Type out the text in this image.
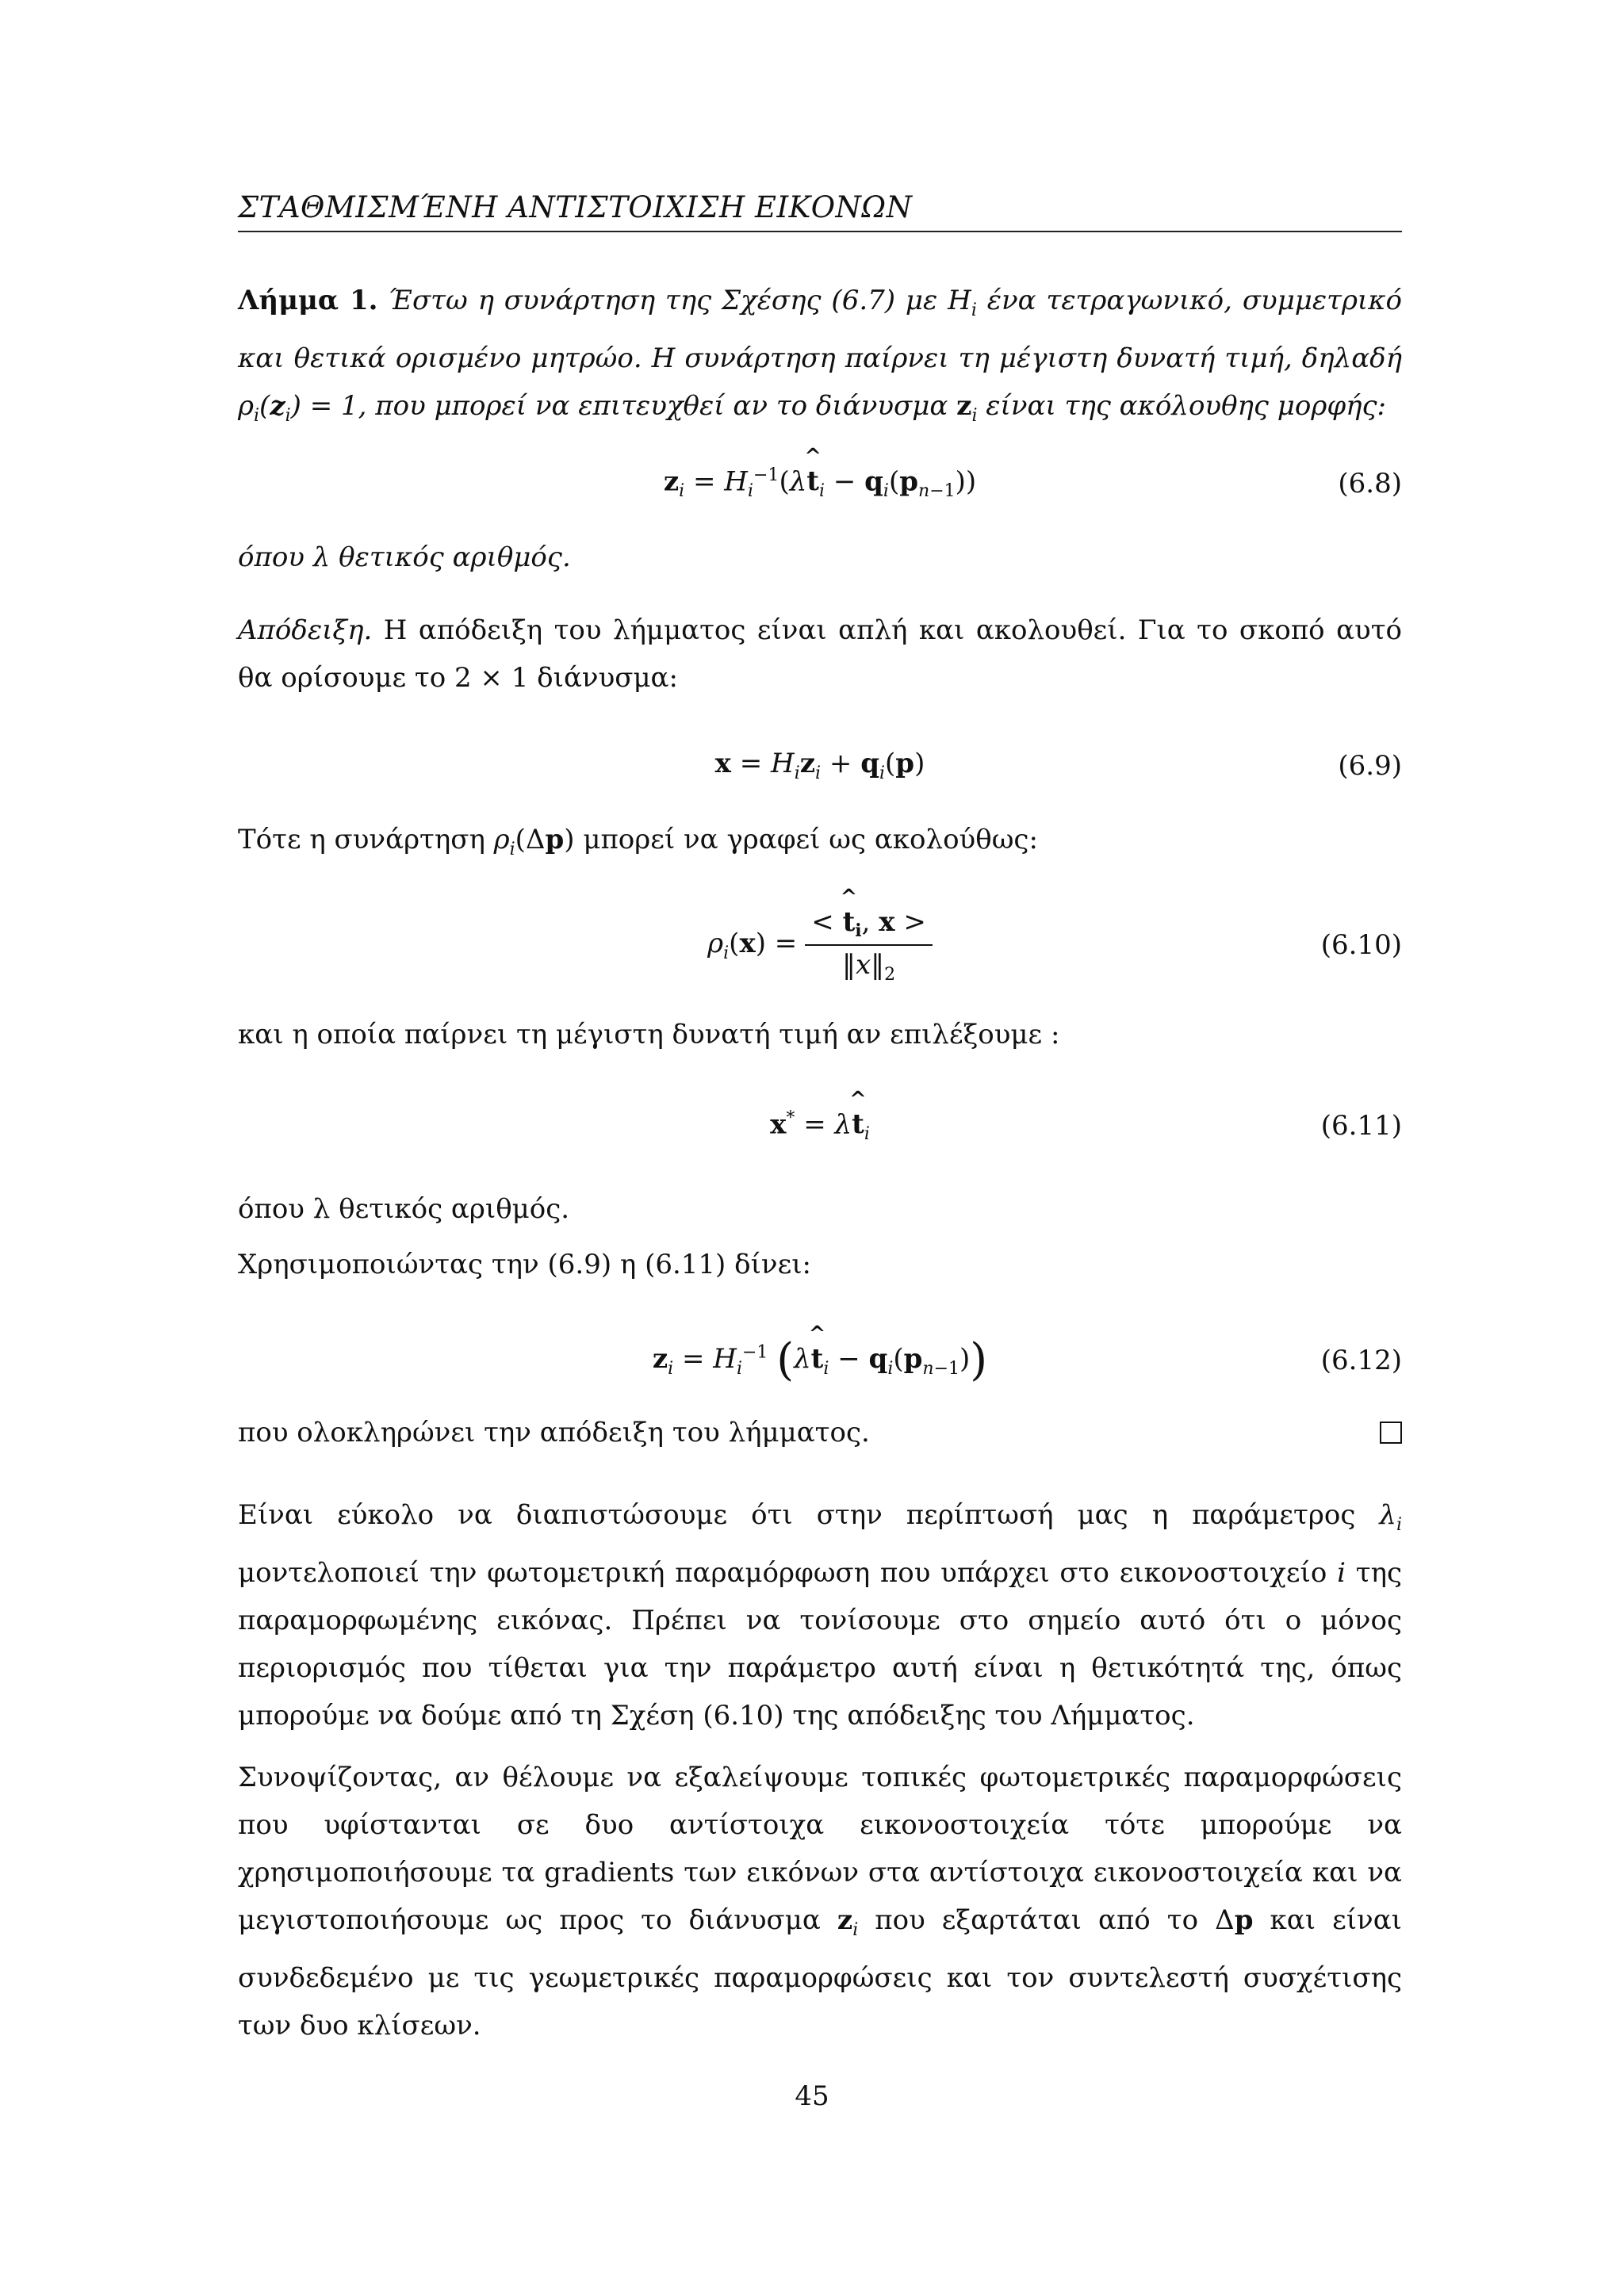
ΣΤΑΘΜΙΣΜΈΝΗ ΑΝΤΙΣΤΟΙΧΙΣΗ ΕΙΚΟΝΩΝ

Λήμμα 1. Έστω η συνάρτηση της Σχέσης (6.7) με $H_i$ ένα τετραγωνικό, συμμετρικό και θετικά ορισμένο μητρώο. Η συνάρτηση παίρνει τη μέγιστη δυνατή τιμή, δηλαδή $\rho_i(z_i) = 1$, που μπορεί να επιτευχθεί αν το διάνυσμα $z_i$ είναι της ακόλουθης μορφής:

$z_i$ = $H_i^{-1}(\lambda\^{}$ $t_i - q_i(p_{n-1})$)	(6.8)

όπου λ θετικός αριθμός.

Απόδειξη. Η απόδειξη του λήμματος είναι απλή και ακολουθεί. Για το σκοπό αυτό θα ορίσουμε το 2 × 1 διάνυσμα:

$x = H_iz_i + q_i(p)$	(6.9)

Τότε η συνάρτηση $\rho_i(\Delta p)$ μπορεί να γραφεί ως ακολούθως:

$\rho_i(x) = \frac{< \^{} t_i, x >}{‖x‖_2}$	(6.10)

και η οποία παίρνει τη μέγιστη δυνατή τιμή αν επιλέξουμε :

x* = λ^ $t_i$	(6.11)

όπου λ θετικός αριθμός.

Χρησιμοποιώντας την (6.9) η (6.11) δίνει:

$z_i = H_i^{-1}$ (λ^ $t_i - q_i(p_{n-1})$)	(6.12)

που ολοκληρώνει την απόδειξη του λήμματος.

Είναι εύκολο να διαπιστώσουμε ότι στην περίπτωσή μας η παράμετρος $\lambda_i$ μοντελοποιεί την φωτομετρική παραμόρφωση που υπάρχει στο εικονοστοιχείο i της παραμορφωμένης εικόνας. Πρέπει να τονίσουμε στο σημείο αυτό ότι ο μόνος περιορισμός που τίθεται για την παράμετρο αυτή είναι η θετικότητά της, όπως μπορούμε να δούμε από τη Σχέση (6.10) της απόδειξης του Λήμματος.

Συνοψίζοντας, αν θέλουμε να εξαλείψουμε τοπικές φωτομετρικές παραμορφώσεις που υφίστανται σε δυο αντίστοιχα εικονοστοιχεία τότε μπορούμε να χρησιμοποιήσουμε τα gradients των εικόνων στα αντίστοιχα εικονοστοιχεία και να μεγιστοποιήσουμε ως προς το διάνυσμα $z_i$ που εξαρτάται από το Δp και είναι συνδεδεμένο με τις γεωμετρικές παραμορφώσεις και τον συντελεστή συσχέτισης των δυο κλίσεων.

45
